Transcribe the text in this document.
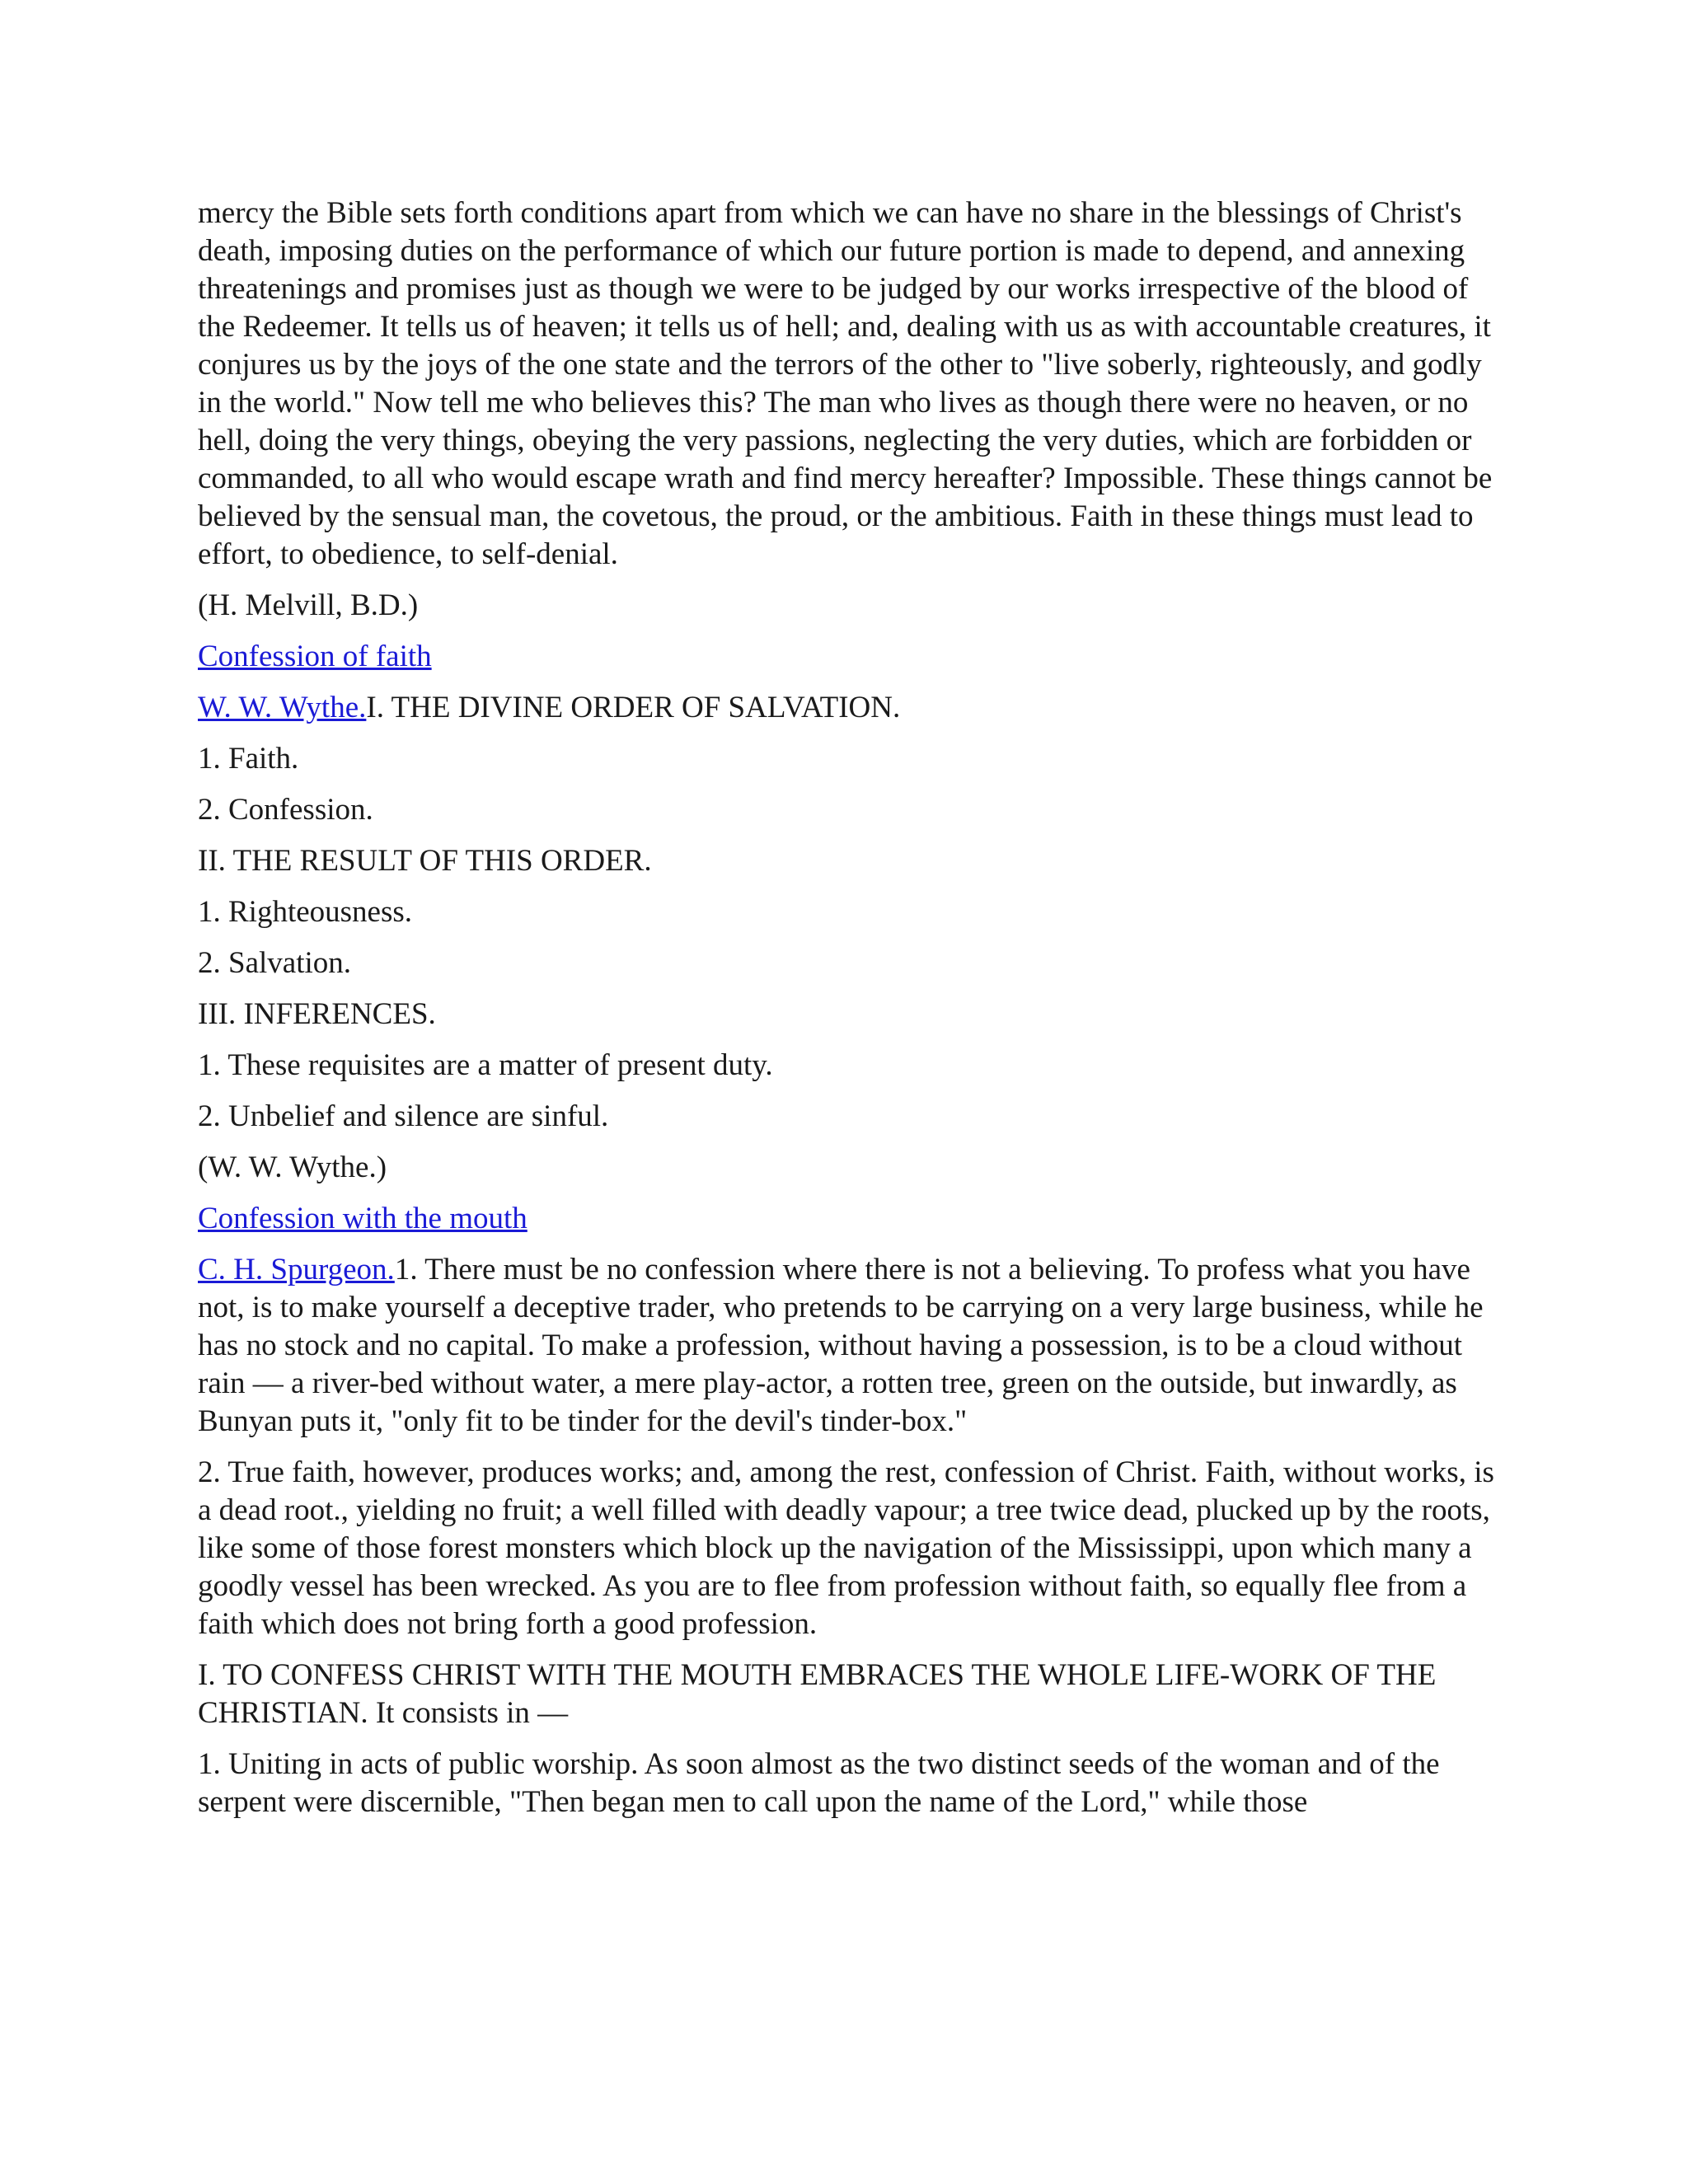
mercy the Bible sets forth conditions apart from which we can have no share in the blessings of Christ's death, imposing duties on the performance of which our future portion is made to depend, and annexing threatenings and promises just as though we were to be judged by our works irrespective of the blood of the Redeemer. It tells us of heaven; it tells us of hell; and, dealing with us as with accountable creatures, it conjures us by the joys of the one state and the terrors of the other to "live soberly, righteously, and godly in the world." Now tell me who believes this? The man who lives as though there were no heaven, or no hell, doing the very things, obeying the very passions, neglecting the very duties, which are forbidden or commanded, to all who would escape wrath and find mercy hereafter? Impossible. These things cannot be believed by the sensual man, the covetous, the proud, or the ambitious. Faith in these things must lead to effort, to obedience, to self-denial.

(H. Melvill, B.D.)

Confession of faith

W. W. Wythe.I. THE DIVINE ORDER OF SALVATION.

1. Faith.

2. Confession.

II. THE RESULT OF THIS ORDER.

1. Righteousness.

2. Salvation.

III. INFERENCES.

1. These requisites are a matter of present duty.

2. Unbelief and silence are sinful.

(W. W. Wythe.)

Confession with the mouth

C. H. Spurgeon.1. There must be no confession where there is not a believing. To profess what you have not, is to make yourself a deceptive trader, who pretends to be carrying on a very large business, while he has no stock and no capital. To make a profession, without having a possession, is to be a cloud without rain — a river-bed without water, a mere play-actor, a rotten tree, green on the outside, but inwardly, as Bunyan puts it, "only fit to be tinder for the devil's tinder-box."

2. True faith, however, produces works; and, among the rest, confession of Christ. Faith, without works, is a dead root., yielding no fruit; a well filled with deadly vapour; a tree twice dead, plucked up by the roots, like some of those forest monsters which block up the navigation of the Mississippi, upon which many a goodly vessel has been wrecked. As you are to flee from profession without faith, so equally flee from a faith which does not bring forth a good profession.

I. TO CONFESS CHRIST WITH THE MOUTH EMBRACES THE WHOLE LIFE-WORK OF THE CHRISTIAN. It consists in —

1. Uniting in acts of public worship. As soon almost as the two distinct seeds of the woman and of the serpent were discernible, "Then began men to call upon the name of the Lord," while those
